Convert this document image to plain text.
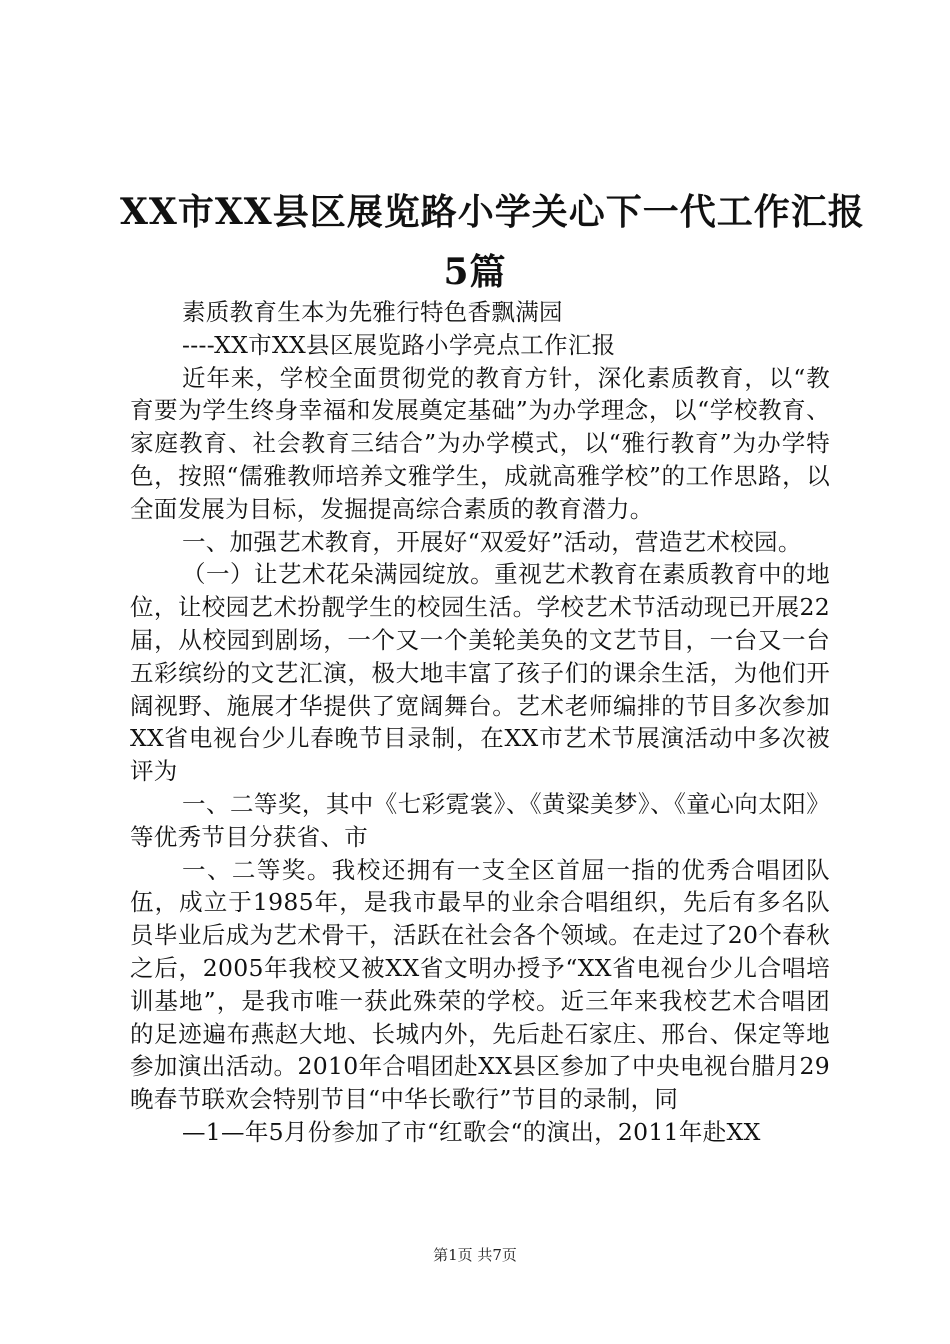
XX市XX县区展览路小学关心下一代工作汇报
5篇

素质教育生本为先雅行特色香飘满园

----XX市XX县区展览路小学亮点工作汇报

近年来，学校全面贯彻党的教育方针，深化素质教育，以“教育要为学生终身幸福和发展奠定基础”为办学理念，以“学校教育、家庭教育、社会教育三结合”为办学模式，以“雅行教育”为办学特色，按照“儒雅教师培养文雅学生，成就高雅学校”的工作思路，以全面发展为目标，发掘提高综合素质的教育潜力。

一、加强艺术教育，开展好“双爱好”活动，营造艺术校园。

（一）让艺术花朵满园绽放。重视艺术教育在素质教育中的地位，让校园艺术扮靓学生的校园生活。学校艺术节活动现已开展22届，从校园到剧场，一个又一个美轮美奂的文艺节目，一台又一台五彩缤纷的文艺汇演，极大地丰富了孩子们的课余生活，为他们开阔视野、施展才华提供了宽阔舞台。艺术老师编排的节目多次参加XX省电视台少儿春晚节目录制，在XX市艺术节展演活动中多次被评为

一、二等奖，其中《七彩霓裳》、《黄粱美梦》、《童心向太阳》等优秀节目分获省、市

一、二等奖。我校还拥有一支全区首屈一指的优秀合唱团队伍，成立于1985年，是我市最早的业余合唱组织，先后有多名队员毕业后成为艺术骨干，活跃在社会各个领域。在走过了20个春秋之后，2005年我校又被XX省文明办授予“XX省电视台少儿合唱培训基地”，是我市唯一获此殊荣的学校。近三年来我校艺术合唱团的足迹遍布燕赵大地、长城内外，先后赴石家庄、邢台、保定等地参加演出活动。2010年合唱团赴XX县区参加了中央电视台腊月29晚春节联欢会特别节目“中华长歌行”节目的录制，同

—1—年5月份参加了市“红歌会“的演出，2011年赴XX

第1页 共7页
